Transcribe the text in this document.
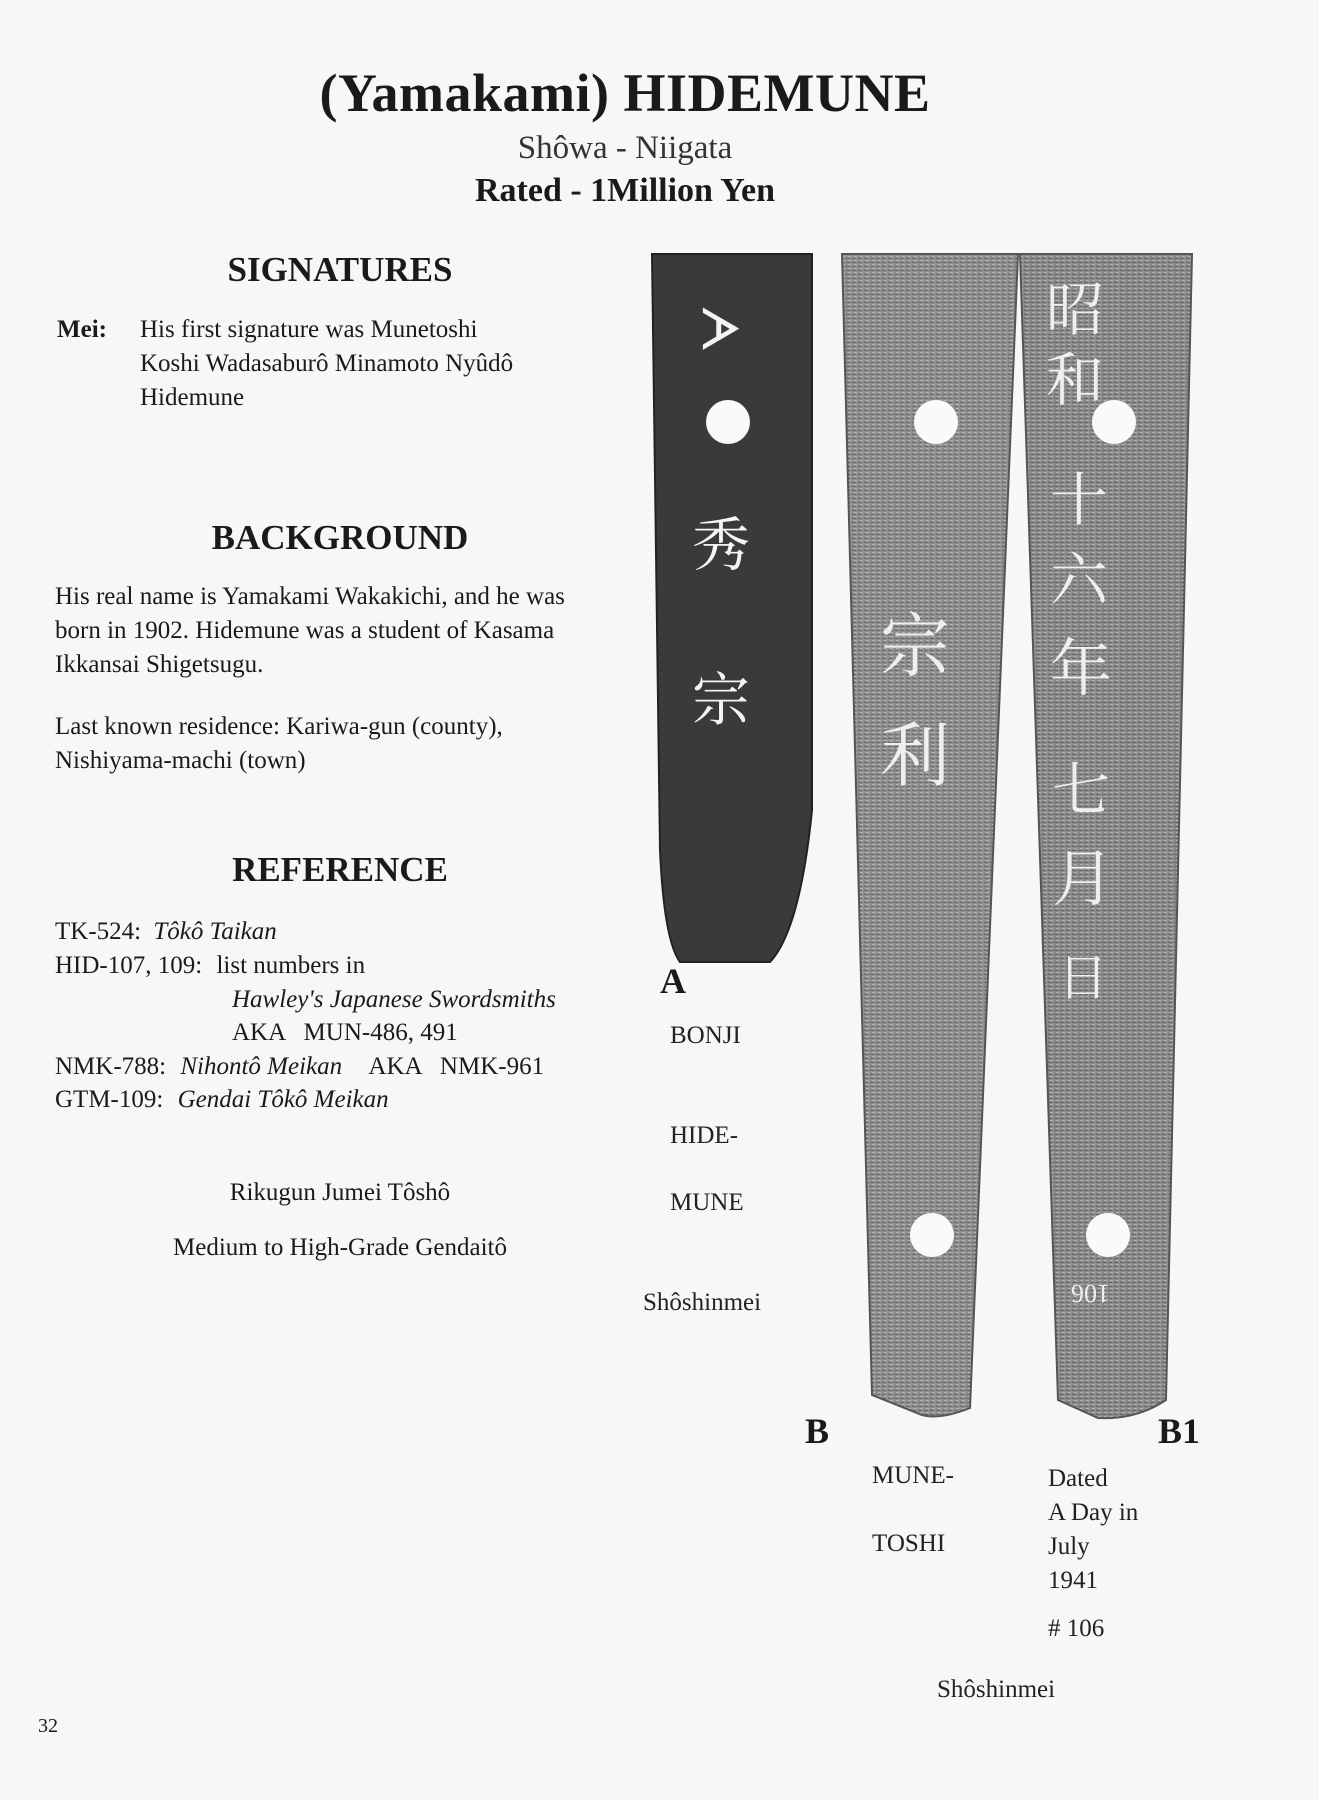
(Yamakami) HIDEMUNE
Shôwa - Niigata
Rated - 1Million Yen
SIGNATURES
Mei: His first signature was Munetoshi
Koshi Wadasaburô Minamoto Nyûdô
Hidemune
BACKGROUND
His real name is Yamakami Wakakichi, and he was
born in 1902. Hidemune was a student of Kasama
Ikkansai Shigetsugu.
Last known residence: Kariwa-gun (county),
Nishiyama-machi (town)
REFERENCE
TK-524: Tôkô Taikan
HID-107, 109: list numbers in
Hawley's Japanese Swordsmiths
AKA   MUN-486, 491
NMK-788: Nihontô Meikan AKA   NMK-961
GTM-109: Gendai Tôkô Meikan
Rikugun Jumei Tôshô
Medium to High-Grade Gendaitô
ᗆ
秀
宗
A
BONJI
HIDE-
MUNE
Shôshinmei
宗
利
B
MUNE-
TOSHI
昭
和
十
六
年
七
月
日
106
B1
Dated
A Day in
July
1941
# 106
Shôshinmei
32
